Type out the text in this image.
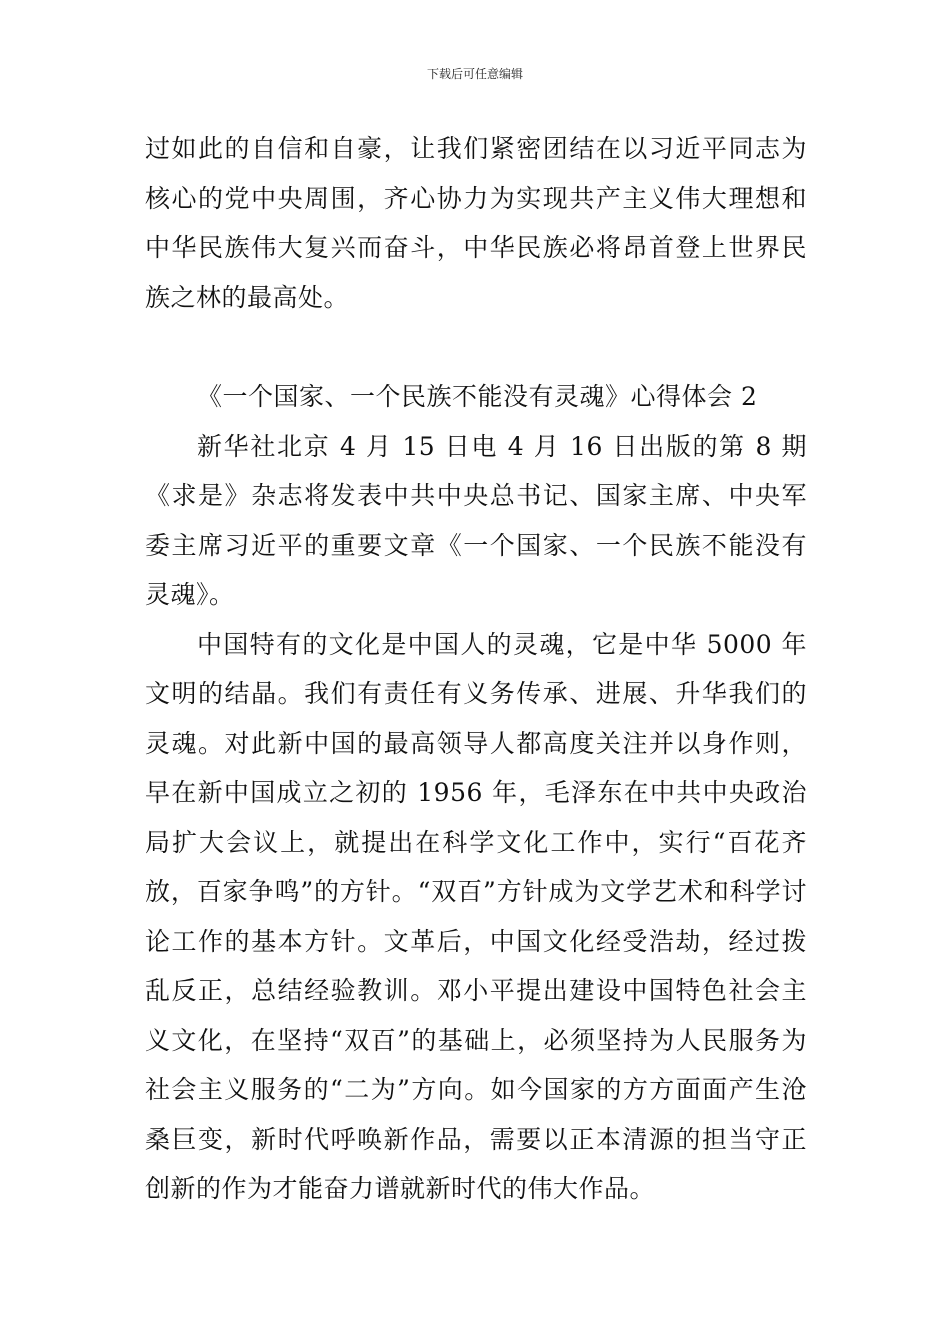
下载后可任意编辑

过如此的自信和自豪，让我们紧密团结在以习近平同志为核心的党中央周围，齐心协力为实现共产主义伟大理想和中华民族伟大复兴而奋斗，中华民族必将昂首登上世界民族之林的最高处。

《一个国家、一个民族不能没有灵魂》心得体会 2

新华社北京 4 月 15 日电 4 月 16 日出版的第 8 期《求是》杂志将发表中共中央总书记、国家主席、中央军委主席习近平的重要文章《一个国家、一个民族不能没有灵魂》。

中国特有的文化是中国人的灵魂，它是中华 5000 年文明的结晶。我们有责任有义务传承、进展、升华我们的灵魂。对此新中国的最高领导人都高度关注并以身作则，早在新中国成立之初的 1956 年，毛泽东在中共中央政治局扩大会议上，就提出在科学文化工作中，实行“百花齐放，百家争鸣”的方针。“双百”方针成为文学艺术和科学讨论工作的基本方针。文革后，中国文化经受浩劫，经过拨乱反正，总结经验教训。邓小平提出建设中国特色社会主义文化，在坚持“双百”的基础上，必须坚持为人民服务为社会主义服务的“二为”方向。如今国家的方方面面产生沧桑巨变，新时代呼唤新作品，需要以正本清源的担当守正创新的作为才能奋力谱就新时代的伟大作品。
